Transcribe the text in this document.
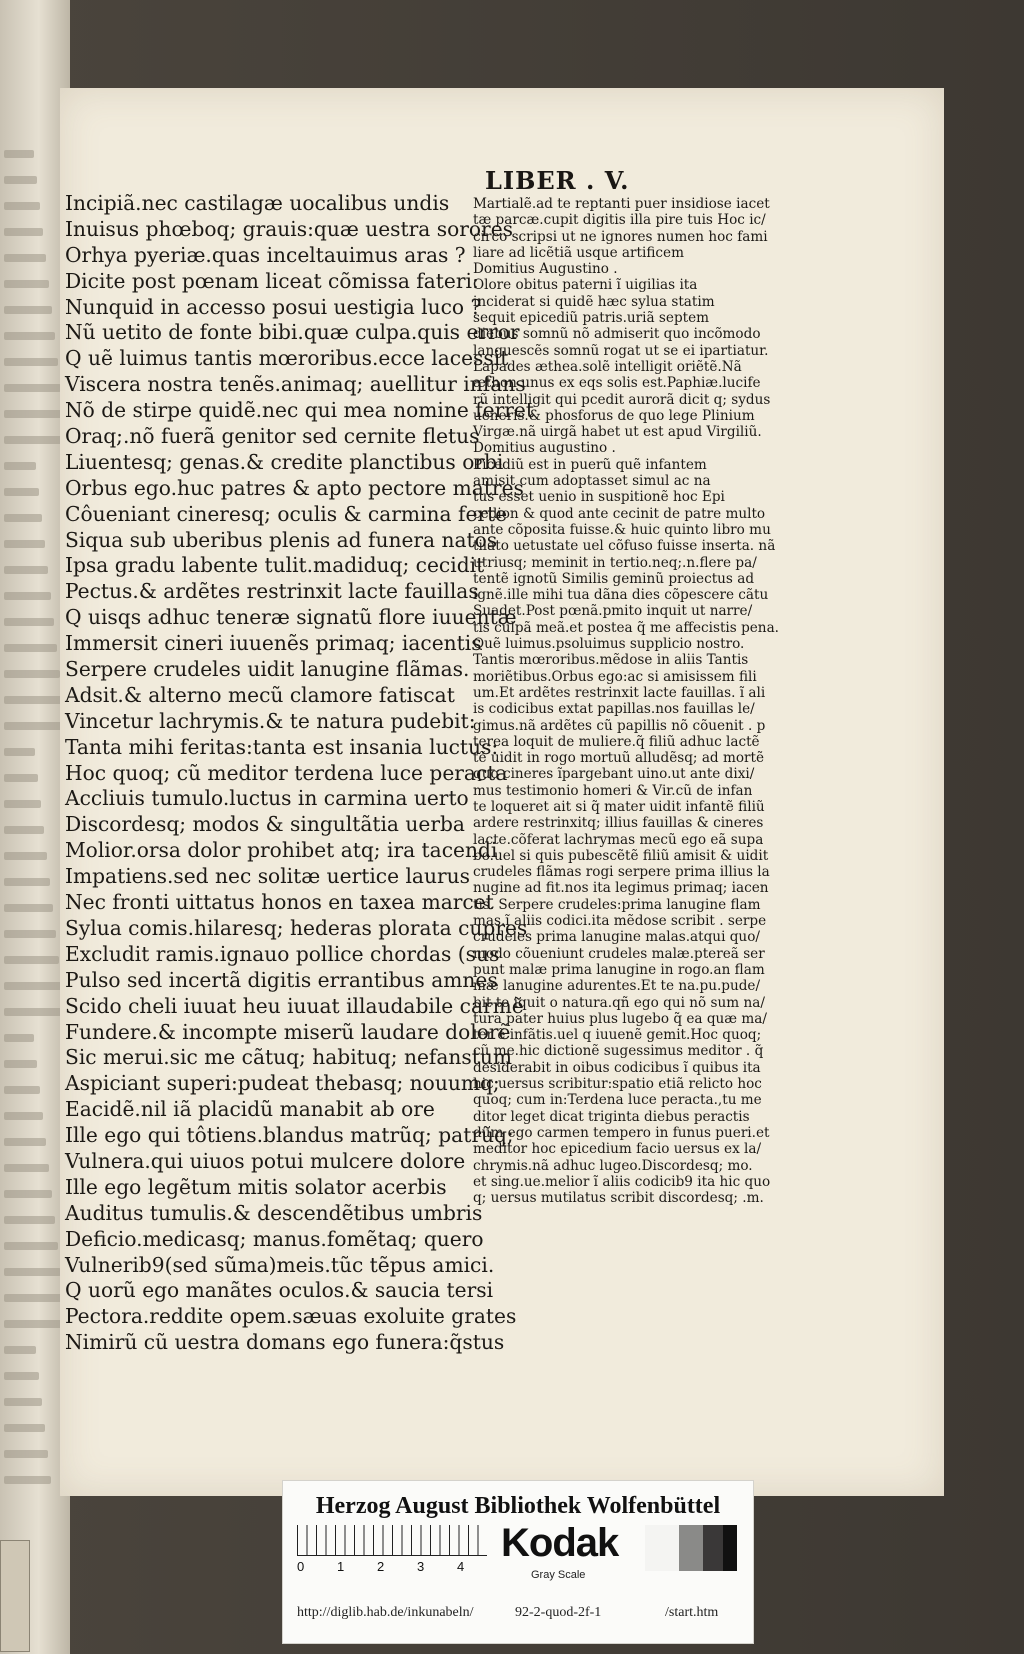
LIBER . V.
Incipiã.nec castilagæ uocalibus undis
Inuisus phœboq; grauis:quæ uestra sorores
Orhya pyeriæ.quas inceltauimus aras ?
Dicite post pœnam liceat cõmissa fateri:
Nunquid in accesso posui uestigia luco ?
Nũ uetito de fonte bibi.quæ culpa.quis error
Q uẽ luimus tantis mœroribus.ecce lacessit
Viscera nostra tenẽs.animaq; auellitur infans
Nõ de stirpe quidẽ.nec qui mea nomine ferret
Oraq;.nõ fuerã genitor sed cernite fletus
Liuentesq; genas.& credite planctibus orbi
Orbus ego.huc patres & apto pectore matres
Côueniant cineresq; oculis & carmina ferte
Siqua sub uberibus plenis ad funera natos
Ipsa gradu labente tulit.madiduq; cecidit
Pectus.& ardẽtes restrinxit lacte fauillas
Q uisqs adhuc teneræ signatũ flore iuuentæ
Immersit cineri iuuenẽs primaq; iacentis
Serpere crudeles uidit lanugine flãmas.
Adsit.& alterno mecũ clamore fatiscat
Vincetur lachrymis.& te natura pudebit:
Tanta mihi feritas:tanta est insania luctus:
Hoc quoq; cũ meditor terdena luce peracta
Accliuis tumulo.luctus in carmina uerto
Discordesq; modos & singultãtia uerba
Molior.orsa dolor prohibet atq; ira tacendi
Impatiens.sed nec solitæ uertice laurus
Nec fronti uittatus honos en taxea marcet
Sylua comis.hilaresq; hederas plorata cupres
Excludit ramis.ignauo pollice chordas (sus
Pulso sed incertã digitis errantibus amnes
Scido cheli iuuat heu iuuat illaudabile carmẽ
Fundere.& incompte miserũ laudare dolorẽ
Sic merui.sic me cãtuq; habituq; nefanstum
Aspiciant superi:pudeat thebasq; nouumq;
Eacidẽ.nil iã placidũ manabit ab ore
Ille ego qui tôtiens.blandus matrũq; patrũq;
Vulnera.qui uiuos potui mulcere dolore
Ille ego legẽtum mitis solator acerbis
Auditus tumulis.& descendẽtibus umbris
Deficio.medicasq; manus.fomẽtaq; quero
Vulnerib9(sed sũma)meis.tũc tẽpus amici.
Q uorũ ego manãtes oculos.& saucia tersi
Pectora.reddite opem.sæuas exoluite grates
Nimirũ cũ uestra domans ego funera:q̃stus
Martialẽ.ad te reptanti puer insidiose iacet
tæ parcæ.cupit digitis illa pire tuis Hoc ic/
circo scripsi ut ne ignores numen hoc fami
liare ad licẽtiã usque artificem
Domitius Augustino .
Olore obitus paterni ĩ uigilias ita
inciderat si quidẽ hæc sylua statim
sequit epicediũ patris.uriã septem
diebus somnũ nõ admiserit quo incõmodo
languescẽs somnũ rogat ut se ei ipartiatur.
Lapades æthea.solẽ intelligit oriẽtẽ.Nã
æthon unus ex eqs solis est.Paphiæ.lucife
rũ intelligit qui pcedit aurorã dicit q; sydus
ueneris.& phosforus de quo lege Plinium
Virgæ.nã uirgã habet ut est apud Virgiliũ.
Domitius augustino .
Picediũ est in puerũ quẽ infantem
amisit cum adoptasset simul ac na
tus esset uenio in suspitionẽ hoc Epi
cedion & quod ante cecinit de patre multo
ante cõposita fuisse.& huic quinto libro mu
tilato uetustate uel cõfuso fuisse inserta. nã
utriusq; meminit in tertio.neq;.n.flere pa/
tentẽ ignotũ Similis geminũ proiectus ad
ignẽ.ille mihi tua dãna dies cõpescere cãtu
Suadet.Post pœnã.pmito inquit ut narre/
tis culpã meã.et postea q̃ me affecistis pena.
Quẽ luimus.psoluimus supplicio nostro.
Tantis mœroribus.mẽdose in aliis Tantis
moriẽtibus.Orbus ego:ac si amisissem fili
um.Et ardẽtes restrinxit lacte fauillas. ĩ ali
is codicibus extat papillas.nos fauillas le/
gimus.nã ardẽtes cũ papillis nõ cõuenit . p
terea loquit de muliere.q̃ filiũ adhuc lactẽ
tẽ uidit in rogo mortuũ alludẽsq; ad mortẽ
quo cineres ĩpargebant uino.ut ante dixi/
mus testimonio homeri & Vir.cũ de infan
te loqueret ait si q̃ mater uidit infantẽ filiũ
ardere restrinxitq; illius fauillas & cineres
lacte.cõferat lachrymas mecũ ego eã supa
bo.uel si quis pubescẽtẽ filiũ amisit & uidit
crudeles flãmas rogi serpere prima illius la
nugine ad fit.nos ita legimus primaq; iacen
tis. Serpere crudeles:prima lanugine flam
mas.ĩ aliis codici.ita mẽdose scribit . serpe
crudeles prima lanugine malas.atqui quo/
modo cõueniunt crudeles malæ.ptereã ser
punt malæ prima lanugine in rogo.an flam
mæ lanugine adurentes.Et te na.pu.pude/
bit te iquit o natura.qñ ego qui nõ sum na/
tura pater huius plus lugebo q̃ ea quæ ma/
ter ẽ infãtis.uel q iuuenẽ gemit.Hoc quoq;
cũ me.hic dictionẽ sugessimus meditor . q̃
desiderabit in oibus codicibus ĩ quibus ita
hic uersus scribitur:spatio etiã relicto hoc
quoq; cum in:Terdena luce peracta.,tu me
ditor leget dicat triginta diebus peractis
dum ego carmen tempero in funus pueri.et
meditor hoc epicedium facio uersus ex la/
chrymis.nã adhuc lugeo.Discordesq; mo.
et sing.ue.melior ĩ aliis codicib9 ita hic quo
q; uersus mutilatus scribit discordesq; .m.
Herzog August Bibliothek Wolfenbüttel
0	1	2	3	4
Kodak
Gray Scale
http://diglib.hab.de/inkunabeln/	92-2-quod-2f-1	/start.htm
